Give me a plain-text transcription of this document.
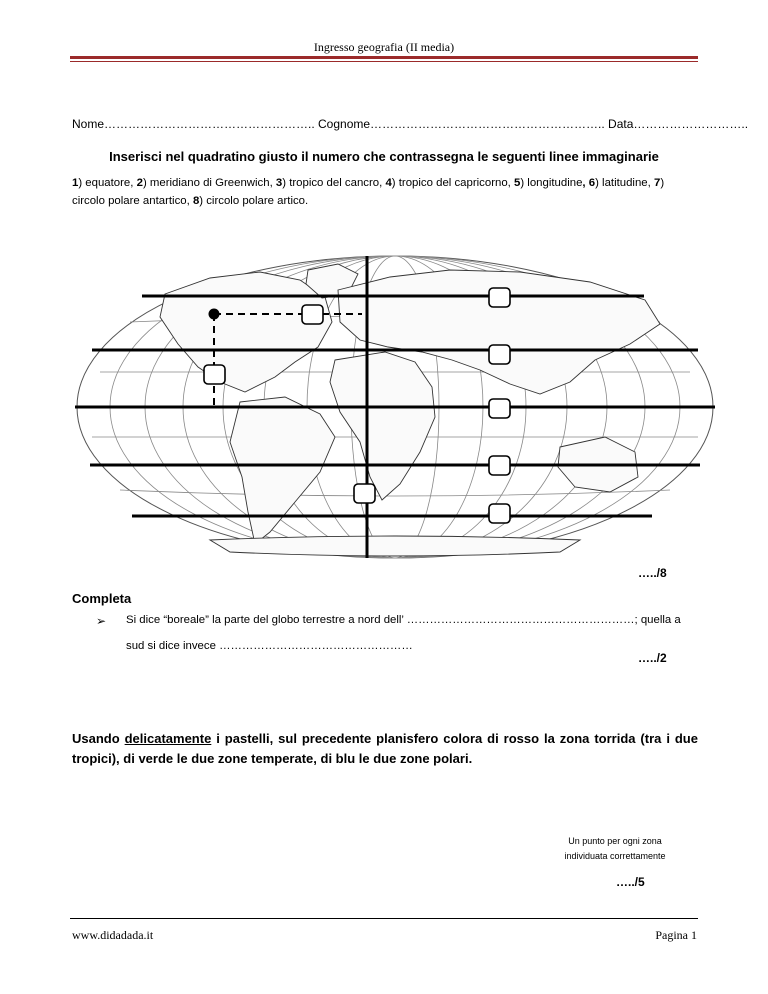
Ingresso geografia (II media)
Nome…………………………………………….. Cognome………………………………………………….. Data………………………..
Inserisci nel quadratino giusto il numero che contrassegna le seguenti linee immaginarie
1) equatore, 2) meridiano di Greenwich, 3) tropico del cancro, 4) tropico del capricorno, 5) longitudine, 6) latitudine, 7) circolo polare antartico, 8) circolo polare artico.
…../8
Completa
➢ Si dice “boreale” la parte del globo terrestre a nord dell’ ……………………………………………………; quella a
sud si dice invece ……………………………………………
…../2
Usando delicatamente i pastelli, sul precedente planisfero colora di rosso la zona torrida (tra i due tropici), di verde le due zone temperate, di blu le due zone polari.
Un punto per ogni zona
individuata correttamente
…../5
www.didadada.it	Pagina 1
